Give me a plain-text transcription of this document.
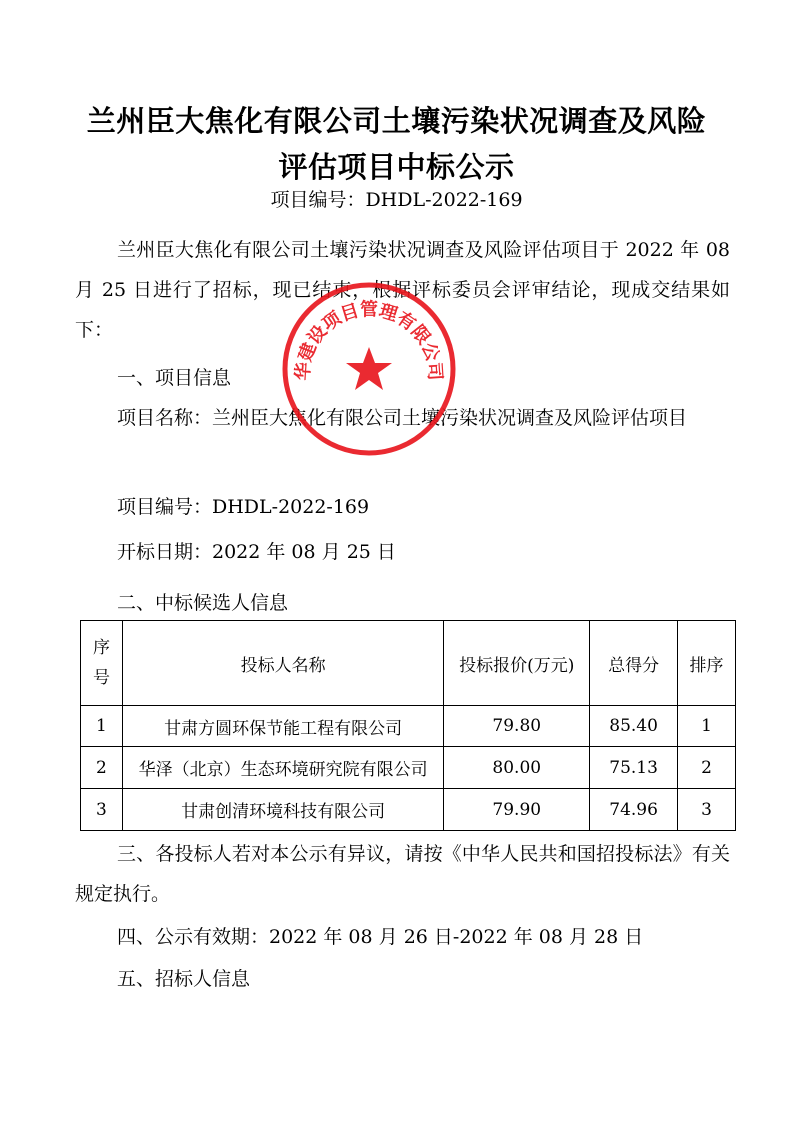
兰州臣大焦化有限公司土壤污染状况调查及风险
评估项目中标公示
项目编号：DHDL-2022-169
兰州臣大焦化有限公司土壤污染状况调查及风险评估项目于 2022 年 08 月 25 日进行了招标，现已结束，根据评标委员会评审结论，现成交结果如下：
一、项目信息
项目名称：兰州臣大焦化有限公司土壤污染状况调查及风险评估项目
项目编号：DHDL-2022-169
开标日期：2022 年 08 月 25 日
二、中标候选人信息
序
号	投标人名称	投标报价(万元)	总得分	排序
1	甘肃方圆环保节能工程有限公司	79.80	85.40	1
2	华泽（北京）生态环境研究院有限公司	80.00	75.13	2
3	甘肃创清环境科技有限公司	79.90	74.96	3
三、各投标人若对本公示有异议，请按《中华人民共和国招投标法》有关规定执行。
四、公示有效期：2022 年 08 月 26 日-2022 年 08 月 28 日
五、招标人信息
华建设项目管理有限公司
